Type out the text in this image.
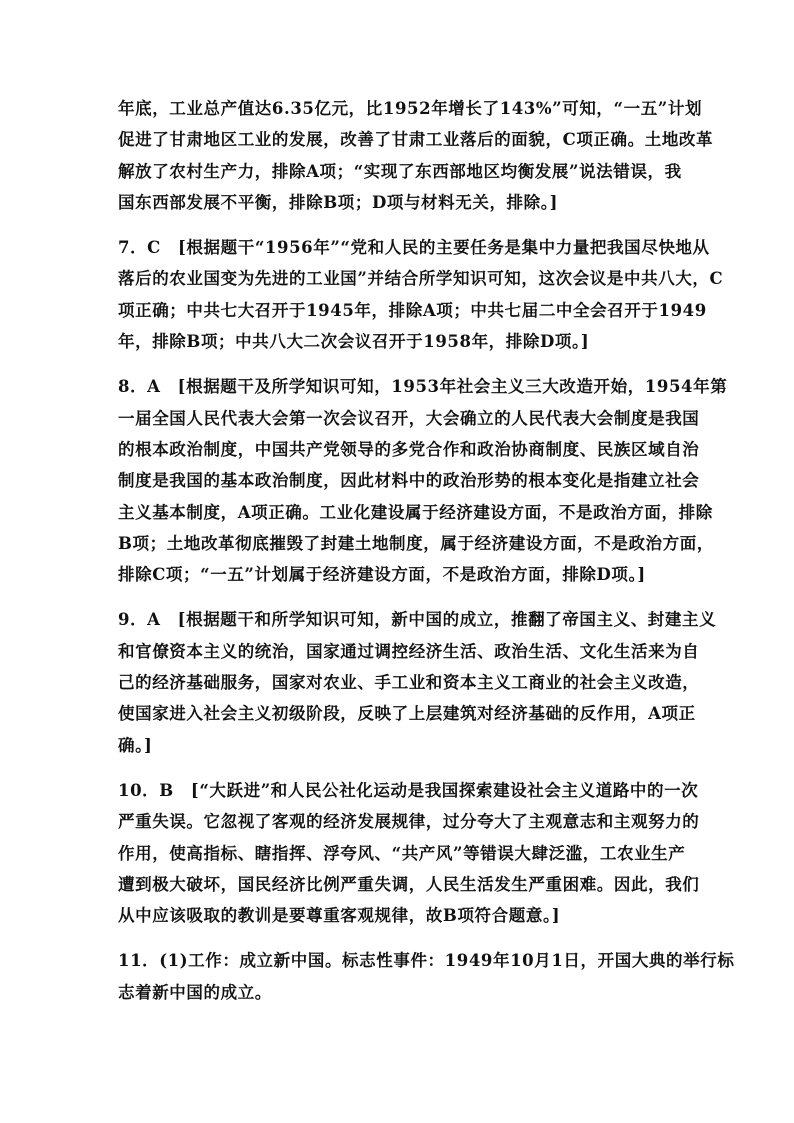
年底，工业总产值达6.35亿元，比1952年增长了143%”可知，“一五”计划
促进了甘肃地区工业的发展，改善了甘肃工业落后的面貌，C项正确。土地改革
解放了农村生产力，排除A项；“实现了东西部地区均衡发展”说法错误，我
国东西部发展不平衡，排除B项；D项与材料无关，排除。]
7．C　[根据题干“1956年”“党和人民的主要任务是集中力量把我国尽快地从
落后的农业国变为先进的工业国”并结合所学知识可知，这次会议是中共八大，C
项正确；中共七大召开于1945年，排除A项；中共七届二中全会召开于1949
年，排除B项；中共八大二次会议召开于1958年，排除D项。]
8．A　[根据题干及所学知识可知，1953年社会主义三大改造开始，1954年第
一届全国人民代表大会第一次会议召开，大会确立的人民代表大会制度是我国
的根本政治制度，中国共产党领导的多党合作和政治协商制度、民族区域自治
制度是我国的基本政治制度，因此材料中的政治形势的根本变化是指建立社会
主义基本制度，A项正确。工业化建设属于经济建设方面，不是政治方面，排除
B项；土地改革彻底摧毁了封建土地制度，属于经济建设方面，不是政治方面，
排除C项；“一五”计划属于经济建设方面，不是政治方面，排除D项。]
9．A　[根据题干和所学知识可知，新中国的成立，推翻了帝国主义、封建主义
和官僚资本主义的统治，国家通过调控经济生活、政治生活、文化生活来为自
己的经济基础服务，国家对农业、手工业和资本主义工商业的社会主义改造，
使国家进入社会主义初级阶段，反映了上层建筑对经济基础的反作用，A项正
确。]
10．B　[“大跃进”和人民公社化运动是我国探索建设社会主义道路中的一次
严重失误。它忽视了客观的经济发展规律，过分夸大了主观意志和主观努力的
作用，使高指标、瞎指挥、浮夸风、“共产风”等错误大肆泛滥，工农业生产
遭到极大破坏，国民经济比例严重失调，人民生活发生严重困难。因此，我们
从中应该吸取的教训是要尊重客观规律，故B项符合题意。]
11．(1)工作：成立新中国。标志性事件：1949年10月1日，开国大典的举行标
志着新中国的成立。
